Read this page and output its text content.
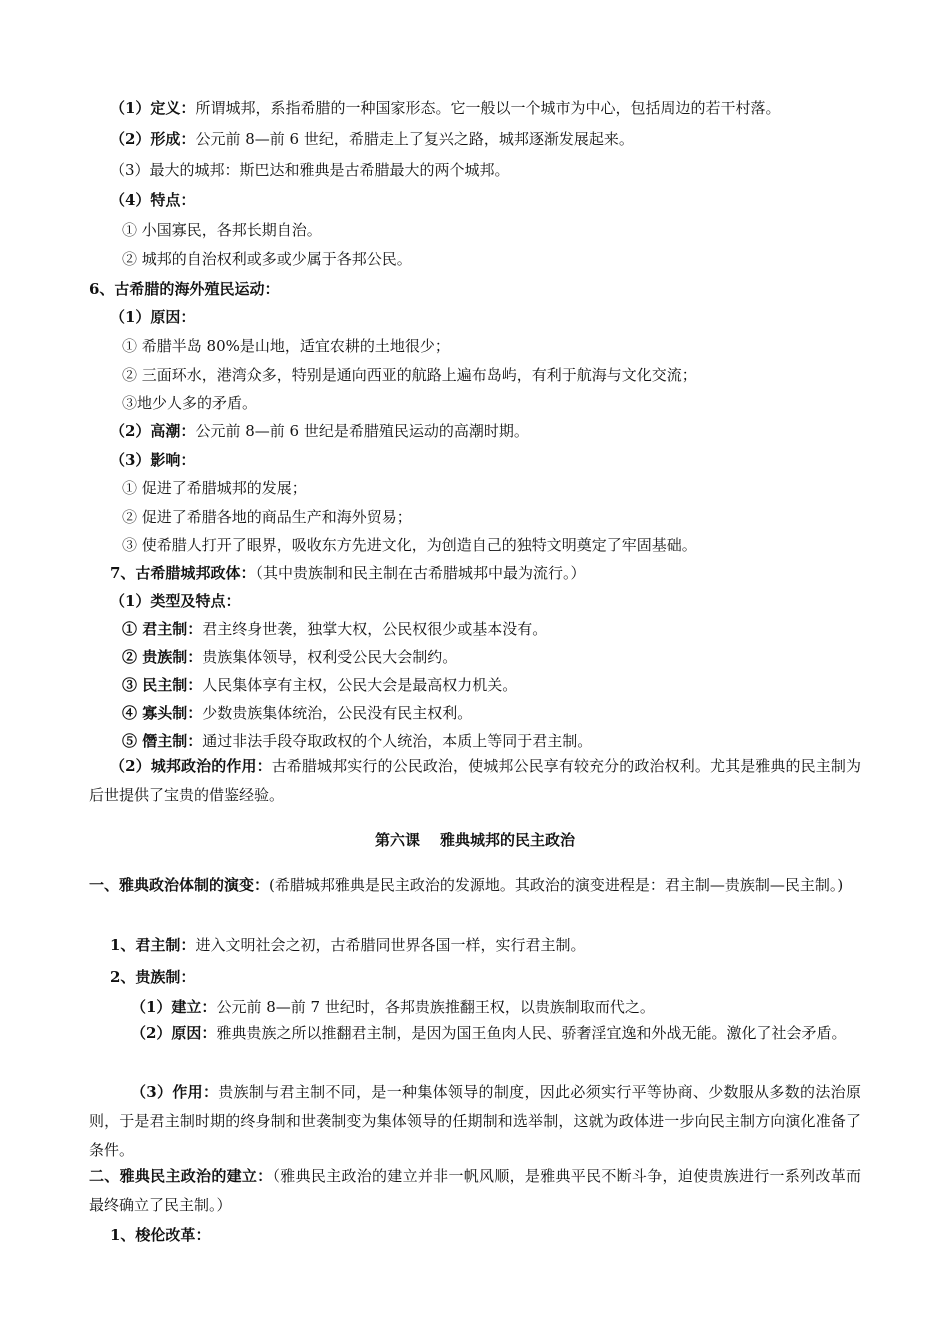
（1）定义：所谓城邦，系指希腊的一种国家形态。它一般以一个城市为中心，包括周边的若干村落。
（2）形成：公元前 8—前 6 世纪，希腊走上了复兴之路，城邦逐渐发展起来。
（3）最大的城邦：斯巴达和雅典是古希腊最大的两个城邦。
（4）特点：
① 小国寡民，各邦长期自治。
② 城邦的自治权利或多或少属于各邦公民。
6、古希腊的海外殖民运动：
（1）原因：
① 希腊半岛 80%是山地，适宜农耕的土地很少；
② 三面环水，港湾众多，特别是通向西亚的航路上遍布岛屿，有利于航海与文化交流；
③地少人多的矛盾。
（2）高潮：公元前 8—前 6 世纪是希腊殖民运动的高潮时期。
（3）影响：
① 促进了希腊城邦的发展；
② 促进了希腊各地的商品生产和海外贸易；
③ 使希腊人打开了眼界，吸收东方先进文化，为创造自己的独特文明奠定了牢固基础。
7、古希腊城邦政体：（其中贵族制和民主制在古希腊城邦中最为流行。）
（1）类型及特点：
① 君主制：君主终身世袭，独掌大权，公民权很少或基本没有。
② 贵族制：贵族集体领导，权利受公民大会制约。
③ 民主制：人民集体享有主权，公民大会是最高权力机关。
④ 寡头制：少数贵族集体统治，公民没有民主权利。
⑤ 僭主制：通过非法手段夺取政权的个人统治，本质上等同于君主制。
（2）城邦政治的作用：古希腊城邦实行的公民政治，使城邦公民享有较充分的政治权利。尤其是雅典的民主制为后世提供了宝贵的借鉴经验。
第六课 雅典城邦的民主政治
一、雅典政治体制的演变：(希腊城邦雅典是民主政治的发源地。其政治的演变进程是：君主制—贵族制—民主制。)
1、君主制：进入文明社会之初，古希腊同世界各国一样，实行君主制。
2、贵族制：
（1）建立：公元前 8—前 7 世纪时，各邦贵族推翻王权，以贵族制取而代之。
（2）原因：雅典贵族之所以推翻君主制，是因为国王鱼肉人民、骄奢淫宜逸和外战无能。激化了社会矛盾。
（3）作用：贵族制与君主制不同，是一种集体领导的制度，因此必须实行平等协商、少数服从多数的法治原则，于是君主制时期的终身制和世袭制变为集体领导的任期制和选举制，这就为政体进一步向民主制方向演化准备了条件。
二、雅典民主政治的建立：（雅典民主政治的建立并非一帆风顺，是雅典平民不断斗争，迫使贵族进行一系列改革而最终确立了民主制。）
1、梭伦改革：
